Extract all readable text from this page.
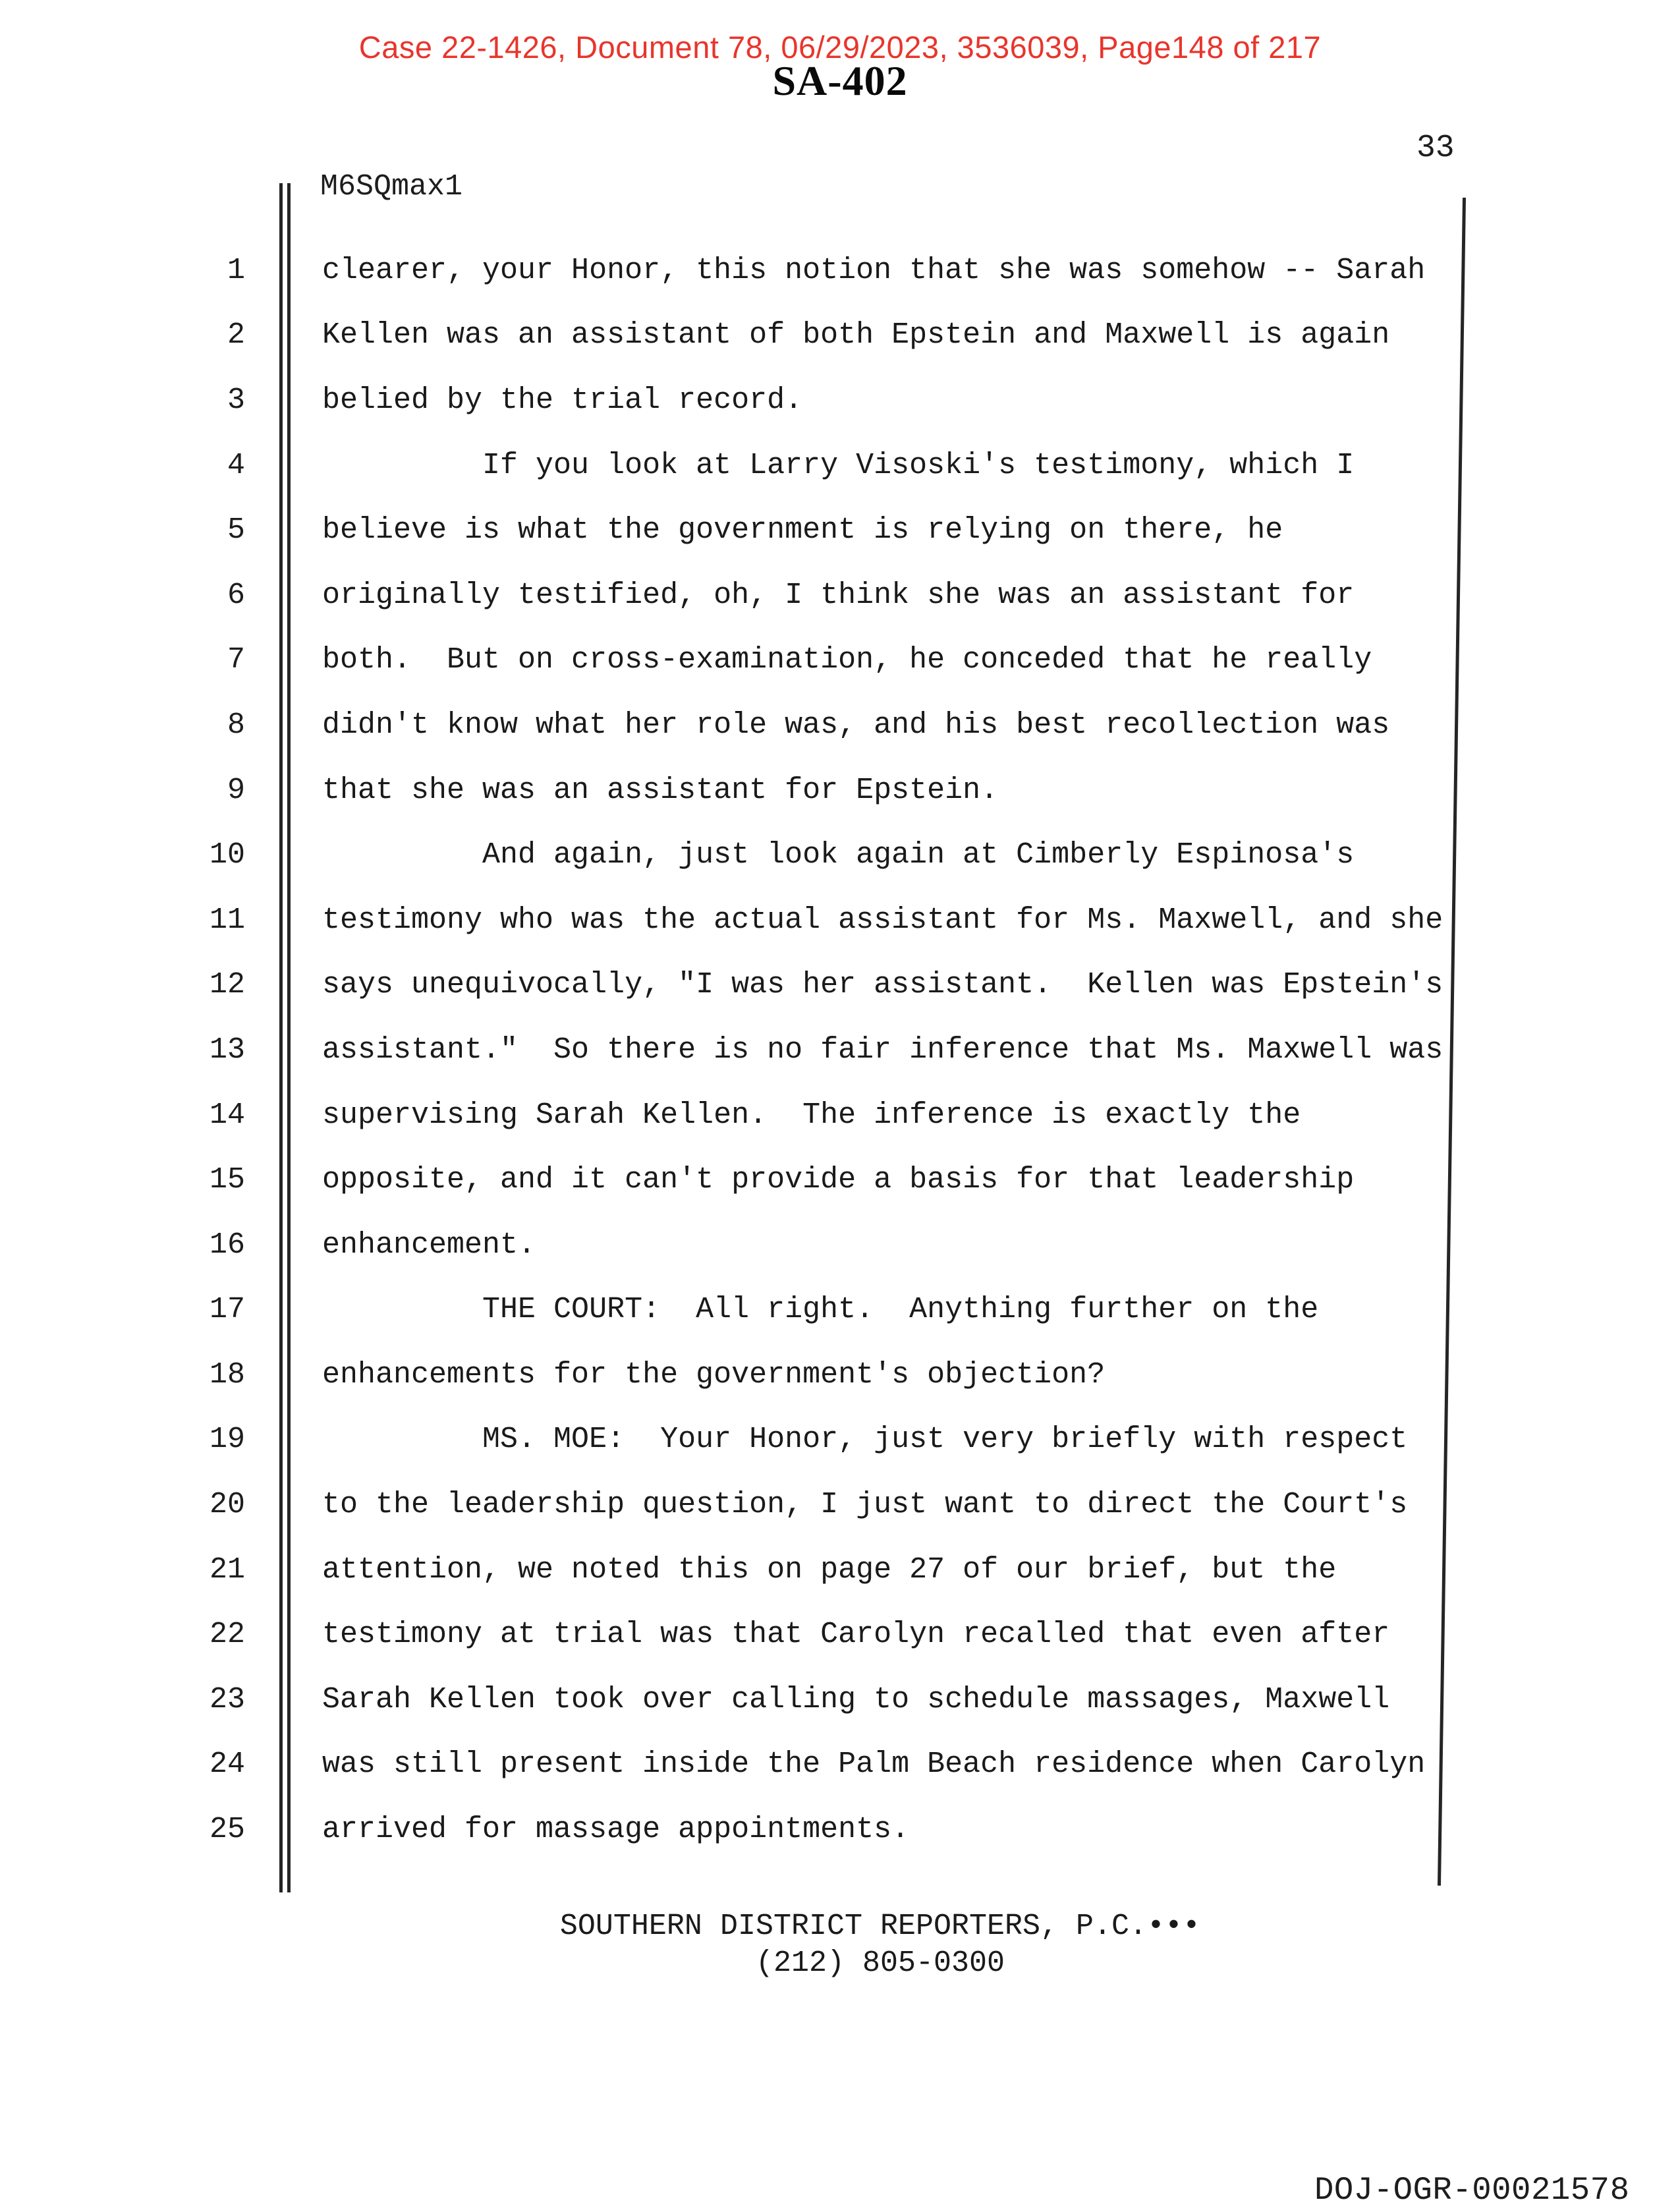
Case 22-1426, Document 78, 06/29/2023, 3536039, Page148 of 217
SA-402
33
M6SQmax1
1	clearer, your Honor, this notion that she was somehow -- Sarah
2	Kellen was an assistant of both Epstein and Maxwell is again
3	belied by the trial record.
4	If you look at Larry Visoski's testimony, which I
5	believe is what the government is relying on there, he
6	originally testified, oh, I think she was an assistant for
7	both.  But on cross-examination, he conceded that he really
8	didn't know what her role was, and his best recollection was
9	that she was an assistant for Epstein.
10	And again, just look again at Cimberly Espinosa's
11	testimony who was the actual assistant for Ms. Maxwell, and she
12	says unequivocally, "I was her assistant.  Kellen was Epstein's
13	assistant."  So there is no fair inference that Ms. Maxwell was
14	supervising Sarah Kellen.  The inference is exactly the
15	opposite, and it can't provide a basis for that leadership
16	enhancement.
17	THE COURT:  All right.  Anything further on the
18	enhancements for the government's objection?
19	MS. MOE:  Your Honor, just very briefly with respect
20	to the leadership question, I just want to direct the Court's
21	attention, we noted this on page 27 of our brief, but the
22	testimony at trial was that Carolyn recalled that even after
23	Sarah Kellen took over calling to schedule massages, Maxwell
24	was still present inside the Palm Beach residence when Carolyn
25	arrived for massage appointments.
SOUTHERN DISTRICT REPORTERS, P.C.•••
(212) 805-0300
DOJ-OGR-00021578
